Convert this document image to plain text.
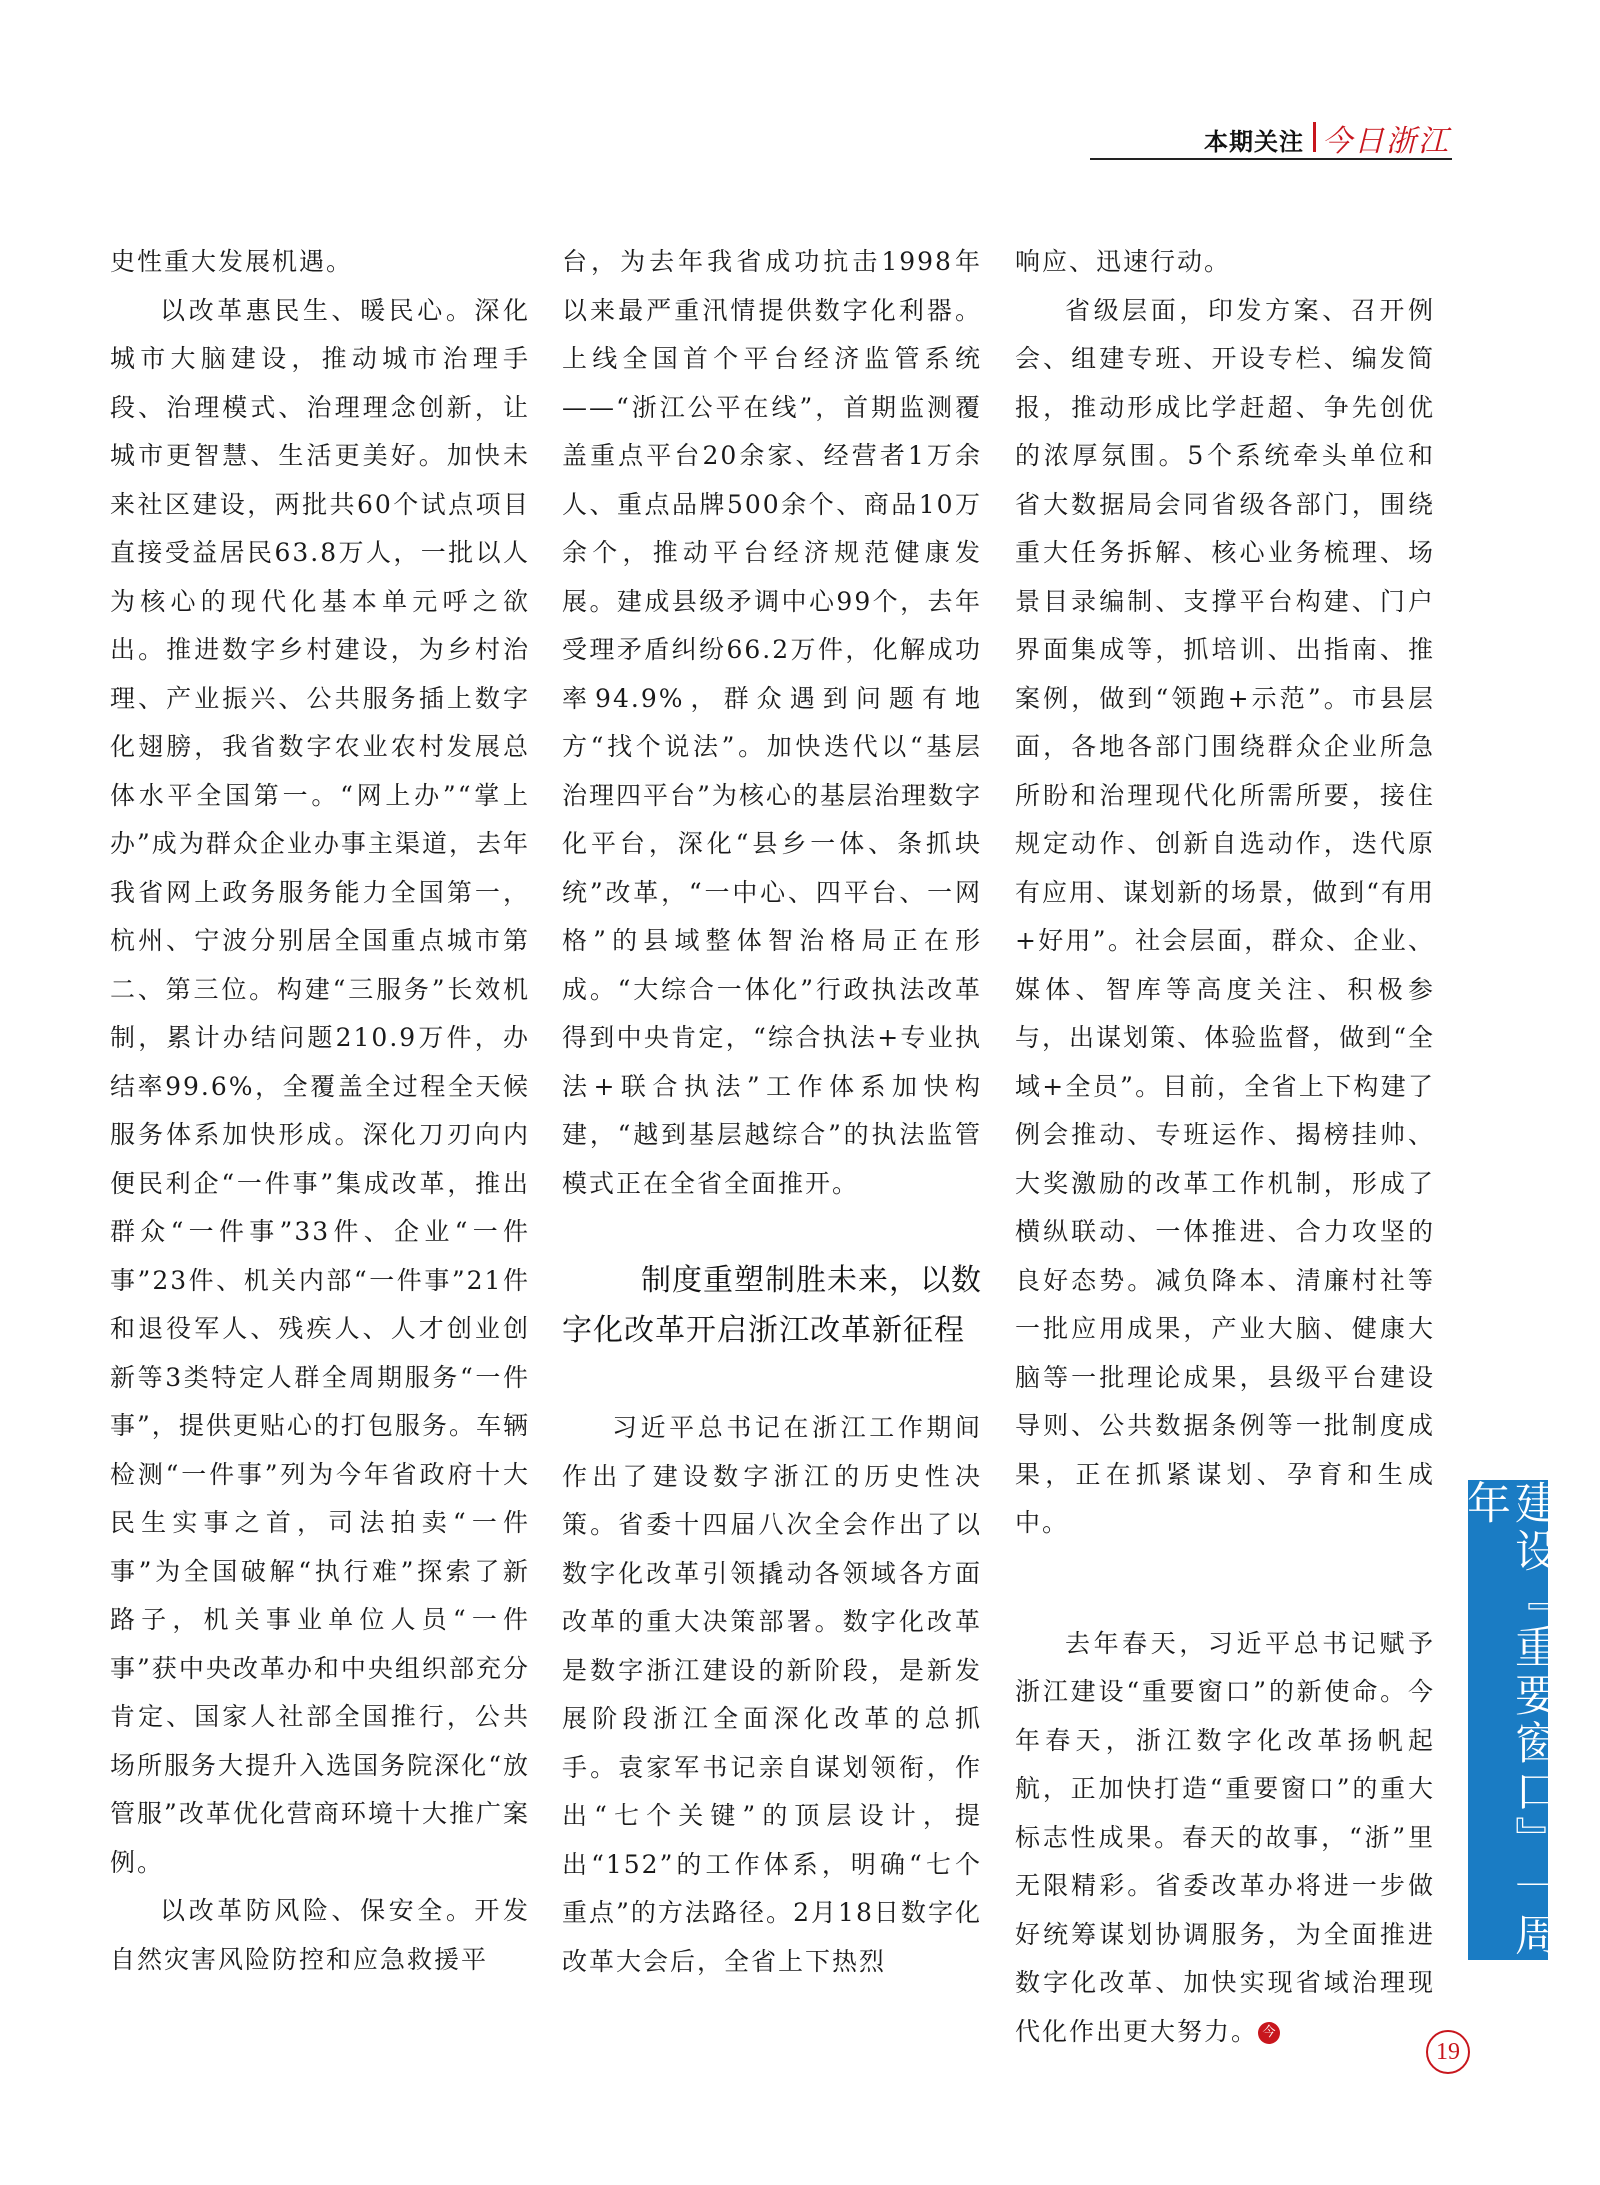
本期关注 今日浙江

史性重大发展机遇。

以改革惠民生、暖民心。深化城市大脑建设，推动城市治理手段、治理模式、治理理念创新，让城市更智慧、生活更美好。加快未来社区建设，两批共60个试点项目直接受益居民63.8万人，一批以人为核心的现代化基本单元呼之欲出。推进数字乡村建设，为乡村治理、产业振兴、公共服务插上数字化翅膀，我省数字农业农村发展总体水平全国第一。“网上办”“掌上办”成为群众企业办事主渠道，去年我省网上政务服务能力全国第一，杭州、宁波分别居全国重点城市第二、第三位。构建“三服务”长效机制，累计办结问题210.9万件，办结率99.6%，全覆盖全过程全天候服务体系加快形成。深化刀刃向内便民利企“一件事”集成改革，推出群众“一件事”33件、企业“一件事”23件、机关内部“一件事”21件和退役军人、残疾人、人才创业创新等3类特定人群全周期服务“一件事”，提供更贴心的打包服务。车辆检测“一件事”列为今年省政府十大民生实事之首，司法拍卖“一件事”为全国破解“执行难”探索了新路子，机关事业单位人员“一件事”获中央改革办和中央组织部充分肯定、国家人社部全国推行，公共场所服务大提升入选国务院深化“放管服”改革优化营商环境十大推广案例。

以改革防风险、保安全。开发自然灾害风险防控和应急救援平

台，为去年我省成功抗击1998年以来最严重汛情提供数字化利器。上线全国首个平台经济监管系统——“浙江公平在线”，首期监测覆盖重点平台20余家、经营者1万余人、重点品牌500余个、商品10万余个，推动平台经济规范健康发展。建成县级矛调中心99个，去年受理矛盾纠纷66.2万件，化解成功率94.9%，群众遇到问题有地方“找个说法”。加快迭代以“基层治理四平台”为核心的基层治理数字化平台，深化“县乡一体、条抓块统”改革，“一中心、四平台、一网格”的县域整体智治格局正在形成。“大综合一体化”行政执法改革得到中央肯定，“综合执法+专业执法+联合执法”工作体系加快构建，“越到基层越综合”的执法监管模式正在全省全面推开。

制度重塑制胜未来，以数
字化改革开启浙江改革新征程

习近平总书记在浙江工作期间作出了建设数字浙江的历史性决策。省委十四届八次全会作出了以数字化改革引领撬动各领域各方面改革的重大决策部署。数字化改革是数字浙江建设的新阶段，是新发展阶段浙江全面深化改革的总抓手。袁家军书记亲自谋划领衔，作出“七个关键”的顶层设计，提出“152”的工作体系，明确“七个重点”的方法路径。2月18日数字化改革大会后，全省上下热烈

响应、迅速行动。

省级层面，印发方案、召开例会、组建专班、开设专栏、编发简报，推动形成比学赶超、争先创优的浓厚氛围。5个系统牵头单位和省大数据局会同省级各部门，围绕重大任务拆解、核心业务梳理、场景目录编制、支撑平台构建、门户界面集成等，抓培训、出指南、推案例，做到“领跑+示范”。市县层面，各地各部门围绕群众企业所急所盼和治理现代化所需所要，接住规定动作、创新自选动作，迭代原有应用、谋划新的场景，做到“有用+好用”。社会层面，群众、企业、媒体、智库等高度关注、积极参与，出谋划策、体验监督，做到“全域+全员”。目前，全省上下构建了例会推动、专班运作、揭榜挂帅、大奖激励的改革工作机制，形成了横纵联动、一体推进、合力攻坚的良好态势。减负降本、清廉村社等一批应用成果，产业大脑、健康大脑等一批理论成果，县级平台建设导则、公共数据条例等一批制度成果，正在抓紧谋划、孕育和生成中。

去年春天，习近平总书记赋予浙江建设“重要窗口”的新使命。今年春天，浙江数字化改革扬帆起航，正加快打造“重要窗口”的重大标志性成果。春天的故事，“浙”里无限精彩。省委改革办将进一步做好统筹谋划协调服务，为全面推进数字化改革、加快实现省域治理现代化作出更大努力。 今

建设『重要窗口』一周年
19
